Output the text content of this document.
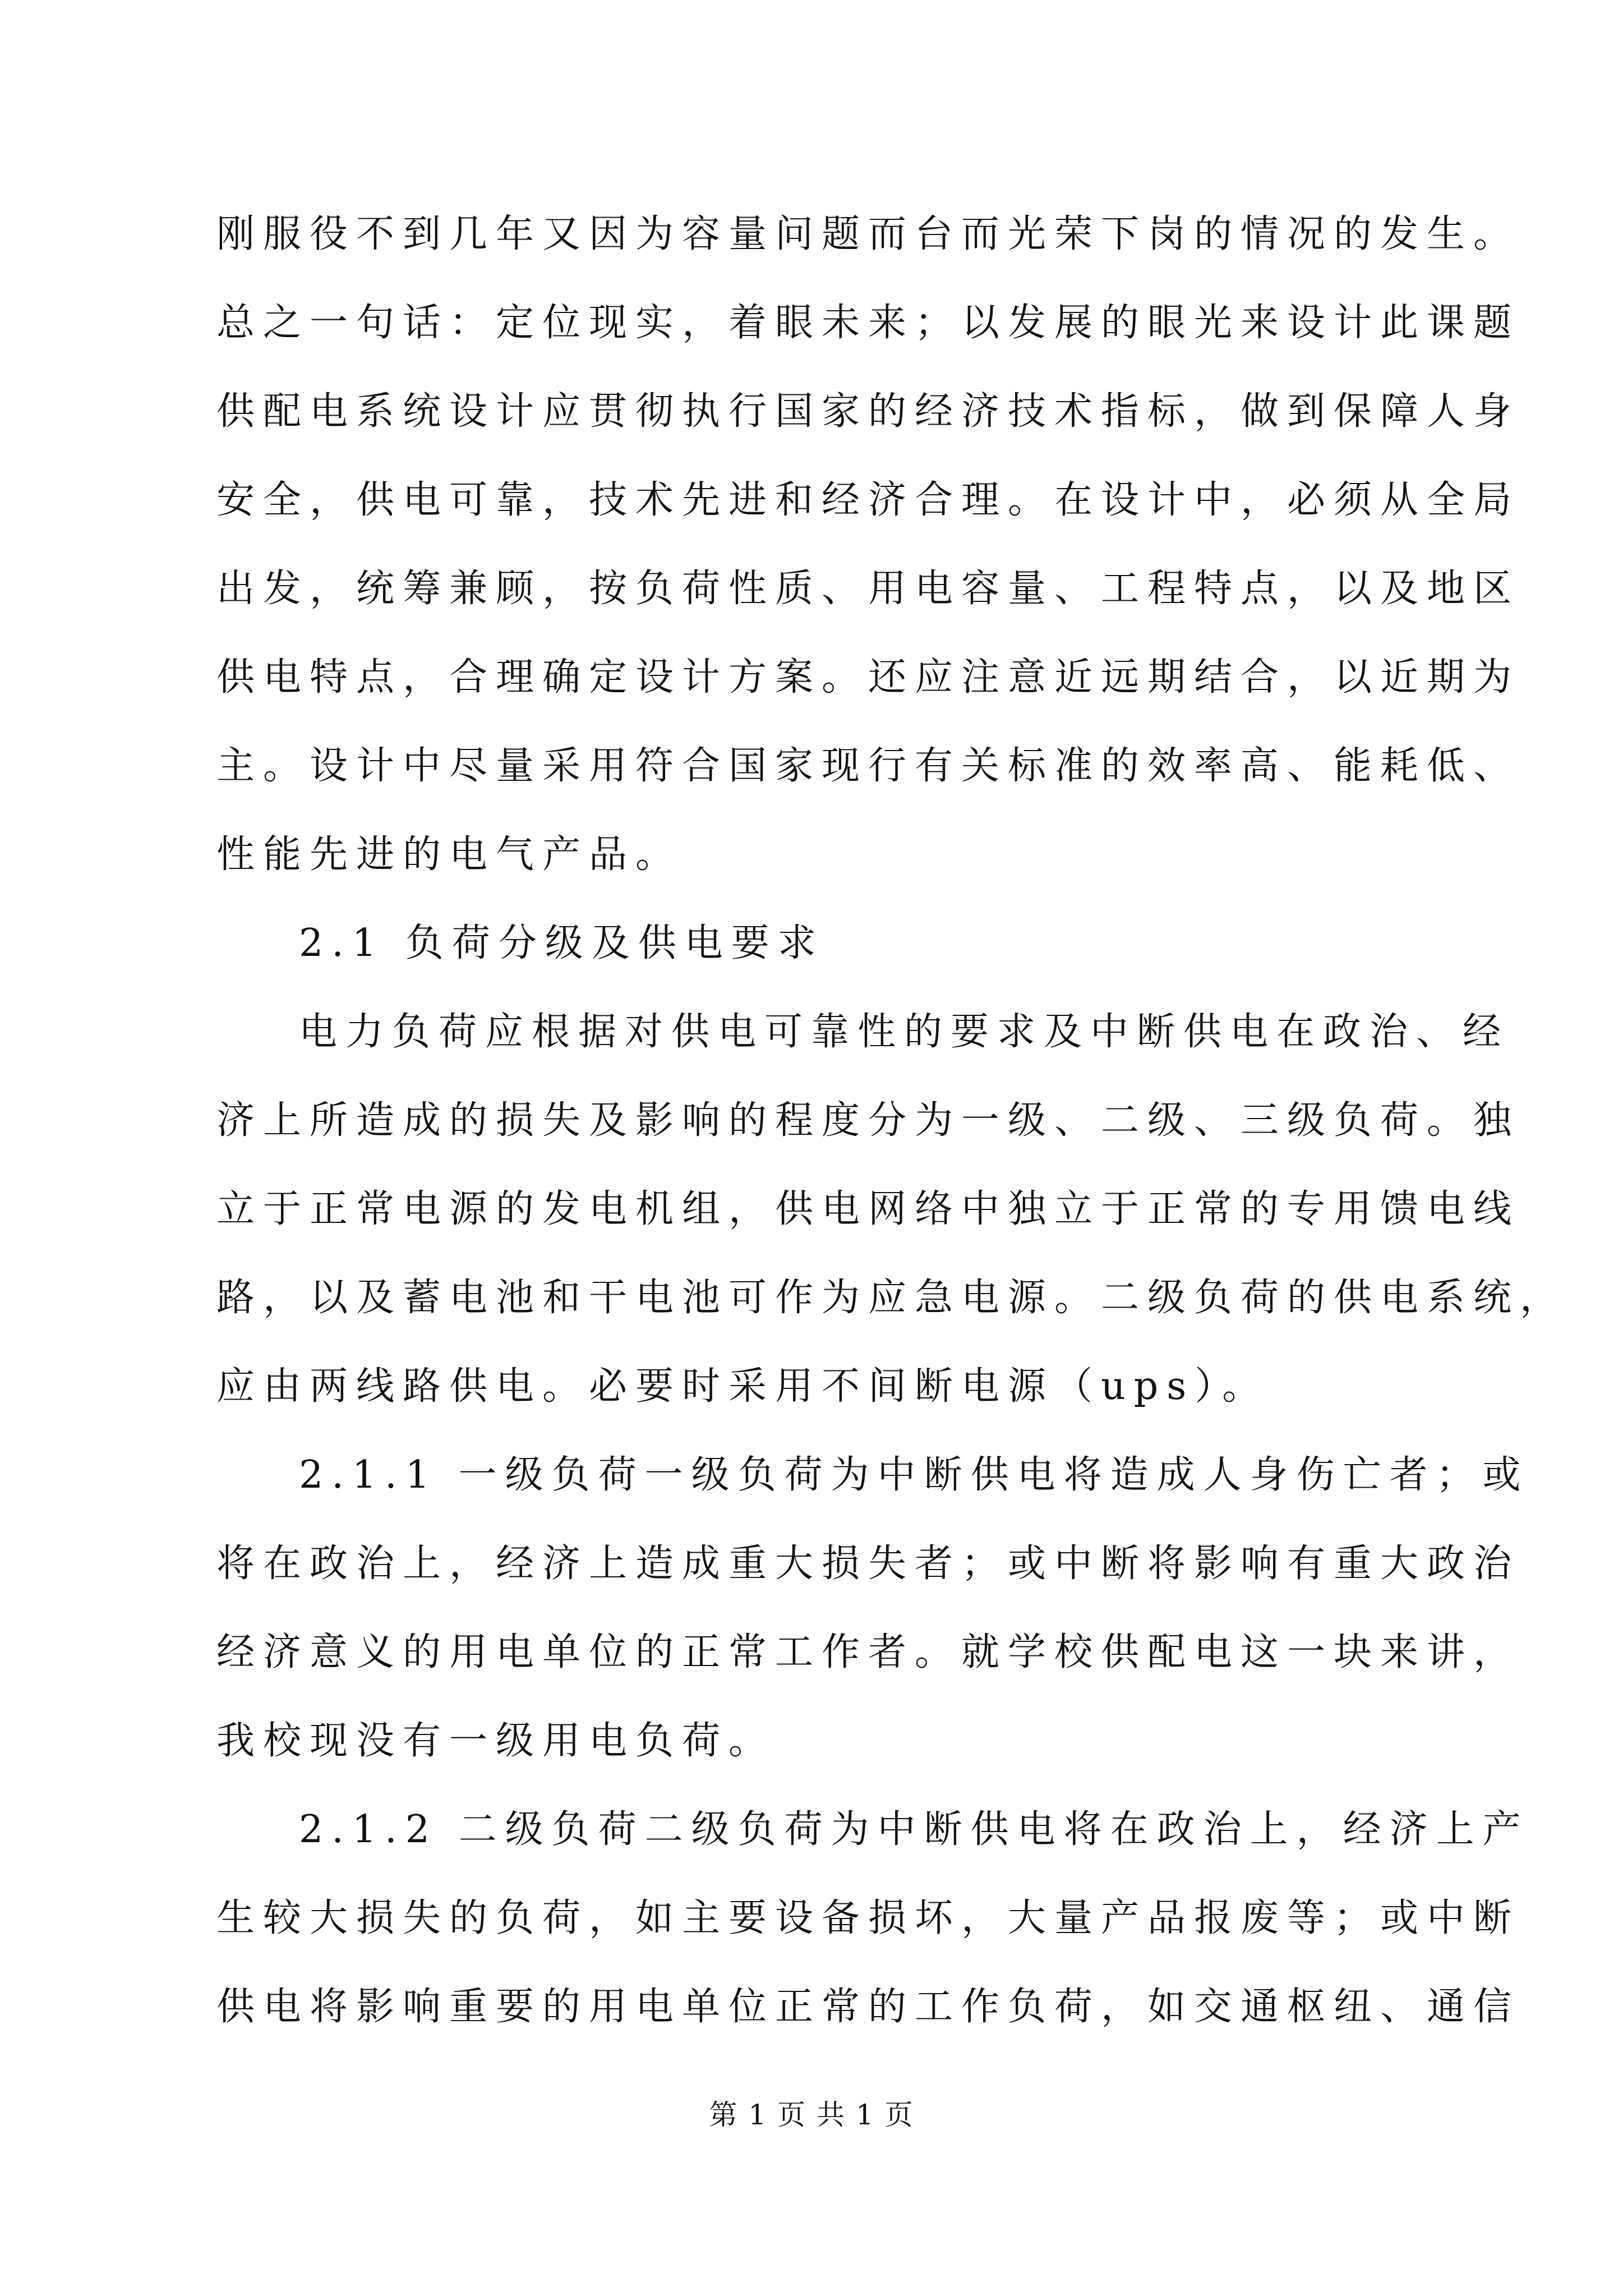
刚服役不到几年又因为容量问题而台而光荣下岗的情况的发生。
总之一句话：定位现实，着眼未来；以发展的眼光来设计此课题
供配电系统设计应贯彻执行国家的经济技术指标，做到保障人身
安全，供电可靠，技术先进和经济合理。在设计中，必须从全局
出发，统筹兼顾，按负荷性质、用电容量、工程特点，以及地区
供电特点，合理确定设计方案。还应注意近远期结合，以近期为
主。设计中尽量采用符合国家现行有关标准的效率高、能耗低、
性能先进的电气产品。
2.1 负荷分级及供电要求
电力负荷应根据对供电可靠性的要求及中断供电在政治、经
济上所造成的损失及影响的程度分为一级、二级、三级负荷。独
立于正常电源的发电机组，供电网络中独立于正常的专用馈电线
路，以及蓄电池和干电池可作为应急电源。二级负荷的供电系统，
应由两线路供电。必要时采用不间断电源（ups）。
2.1.1 一级负荷一级负荷为中断供电将造成人身伤亡者；或
将在政治上，经济上造成重大损失者；或中断将影响有重大政治
经济意义的用电单位的正常工作者。就学校供配电这一块来讲，
我校现没有一级用电负荷。
2.1.2 二级负荷二级负荷为中断供电将在政治上，经济上产
生较大损失的负荷，如主要设备损坏，大量产品报废等；或中断
供电将影响重要的用电单位正常的工作负荷，如交通枢纽、通信
第 1 页 共 1 页
